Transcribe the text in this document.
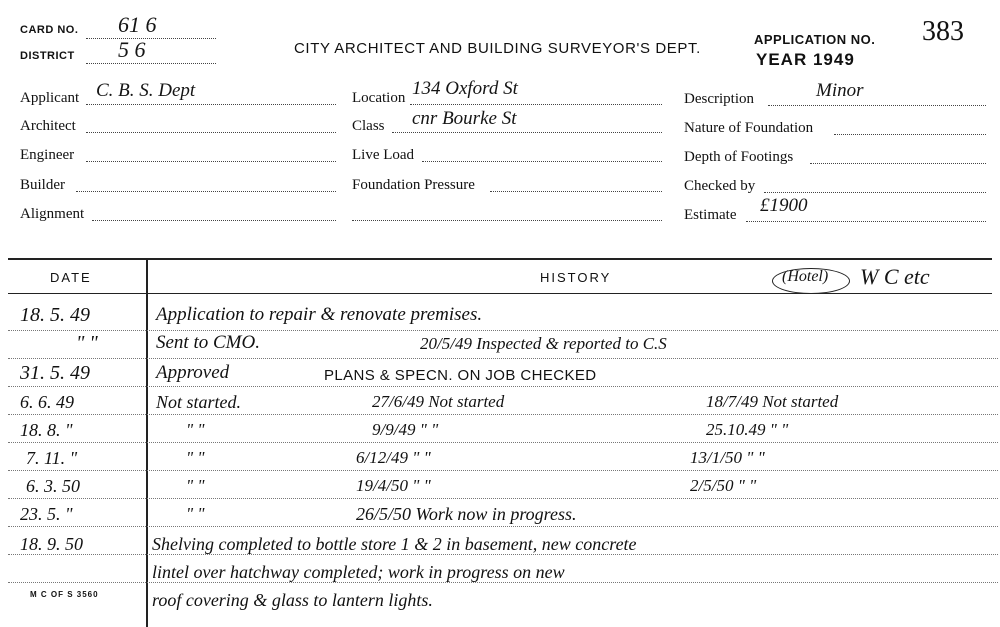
CARD NO. 61 6
DISTRICT 5 6	CITY ARCHITECT AND BUILDING SURVEYOR'S DEPT.
APPLICATION NO. 383
YEAR 1949
Applicant C. B. S. Dept
Architect
Engineer
Builder
Alignment
Location 134 Oxford St
Class cnr Bourke St
Live Load
Foundation Pressure
Description	Minor
Nature of Foundation
Depth of Footings
Checked by
Estimate £1900
DATE	HISTORY	(Hotel) W C etc
18. 5. 49	Application to repair & renovate premises.
" "	Sent to CMO.	20/5/49 Inspected & reported to C.S
31. 5. 49	Approved	PLANS & SPECN. ON JOB CHECKED
6. 6. 49	Not started.	27/6/49 Not started	18/7/49 Not started
18. 8. "	" "	9/9/49 " "	25.10.49 " "
7. 11. "	" "	6/12/49 " "	13/1/50 " "
6. 3. 50	" "	19/4/50 " "	2/5/50 " "
23. 5. "	" "	26/5/50 Work now in progress.
18. 9. 50	Shelving completed to bottle store 1 & 2 in basement, new concrete
lintel over hatchway completed; work in progress on new
roof covering & glass to lantern lights.
M C OF S 3560
